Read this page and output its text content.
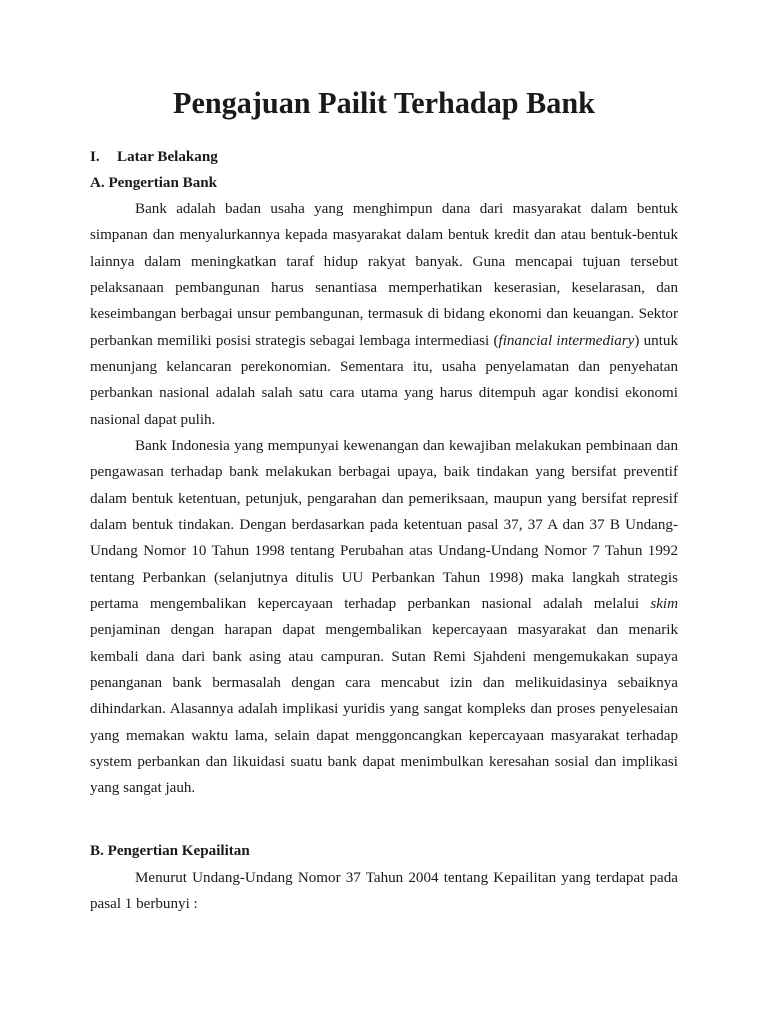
Pengajuan Pailit Terhadap Bank

I. Latar Belakang

A. Pengertian Bank

Bank adalah badan usaha yang menghimpun dana dari masyarakat dalam bentuk simpanan dan menyalurkannya kepada masyarakat dalam bentuk kredit dan atau bentuk-bentuk lainnya dalam meningkatkan taraf hidup rakyat banyak. Guna mencapai tujuan tersebut pelaksanaan pembangunan harus senantiasa memperhatikan keserasian, keselarasan, dan keseimbangan berbagai unsur pembangunan, termasuk di bidang ekonomi dan keuangan. Sektor perbankan memiliki posisi strategis sebagai lembaga intermediasi (financial intermediary) untuk menunjang kelancaran perekonomian. Sementara itu, usaha penyelamatan dan penyehatan perbankan nasional adalah salah satu cara utama yang harus ditempuh agar kondisi ekonomi nasional dapat pulih.

Bank Indonesia yang mempunyai kewenangan dan kewajiban melakukan pembinaan dan pengawasan terhadap bank melakukan berbagai upaya, baik tindakan yang bersifat preventif dalam bentuk ketentuan, petunjuk, pengarahan dan pemeriksaan, maupun yang bersifat represif dalam bentuk tindakan. Dengan berdasarkan pada ketentuan pasal 37, 37 A dan 37 B Undang-Undang Nomor 10 Tahun 1998 tentang Perubahan atas Undang-Undang Nomor 7 Tahun 1992 tentang Perbankan (selanjutnya ditulis UU Perbankan Tahun 1998) maka langkah strategis pertama mengembalikan kepercayaan terhadap perbankan nasional adalah melalui skim penjaminan dengan harapan dapat mengembalikan kepercayaan masyarakat dan menarik kembali dana dari bank asing atau campuran. Sutan Remi Sjahdeni mengemukakan supaya penanganan bank bermasalah dengan cara mencabut izin dan melikuidasinya sebaiknya dihindarkan. Alasannya adalah implikasi yuridis yang sangat kompleks dan proses penyelesaian yang memakan waktu lama, selain dapat menggoncangkan kepercayaan masyarakat terhadap system perbankan dan likuidasi suatu bank dapat menimbulkan keresahan sosial dan implikasi yang sangat jauh.

B. Pengertian Kepailitan

Menurut Undang-Undang Nomor 37 Tahun 2004 tentang Kepailitan yang terdapat pada pasal 1 berbunyi :
